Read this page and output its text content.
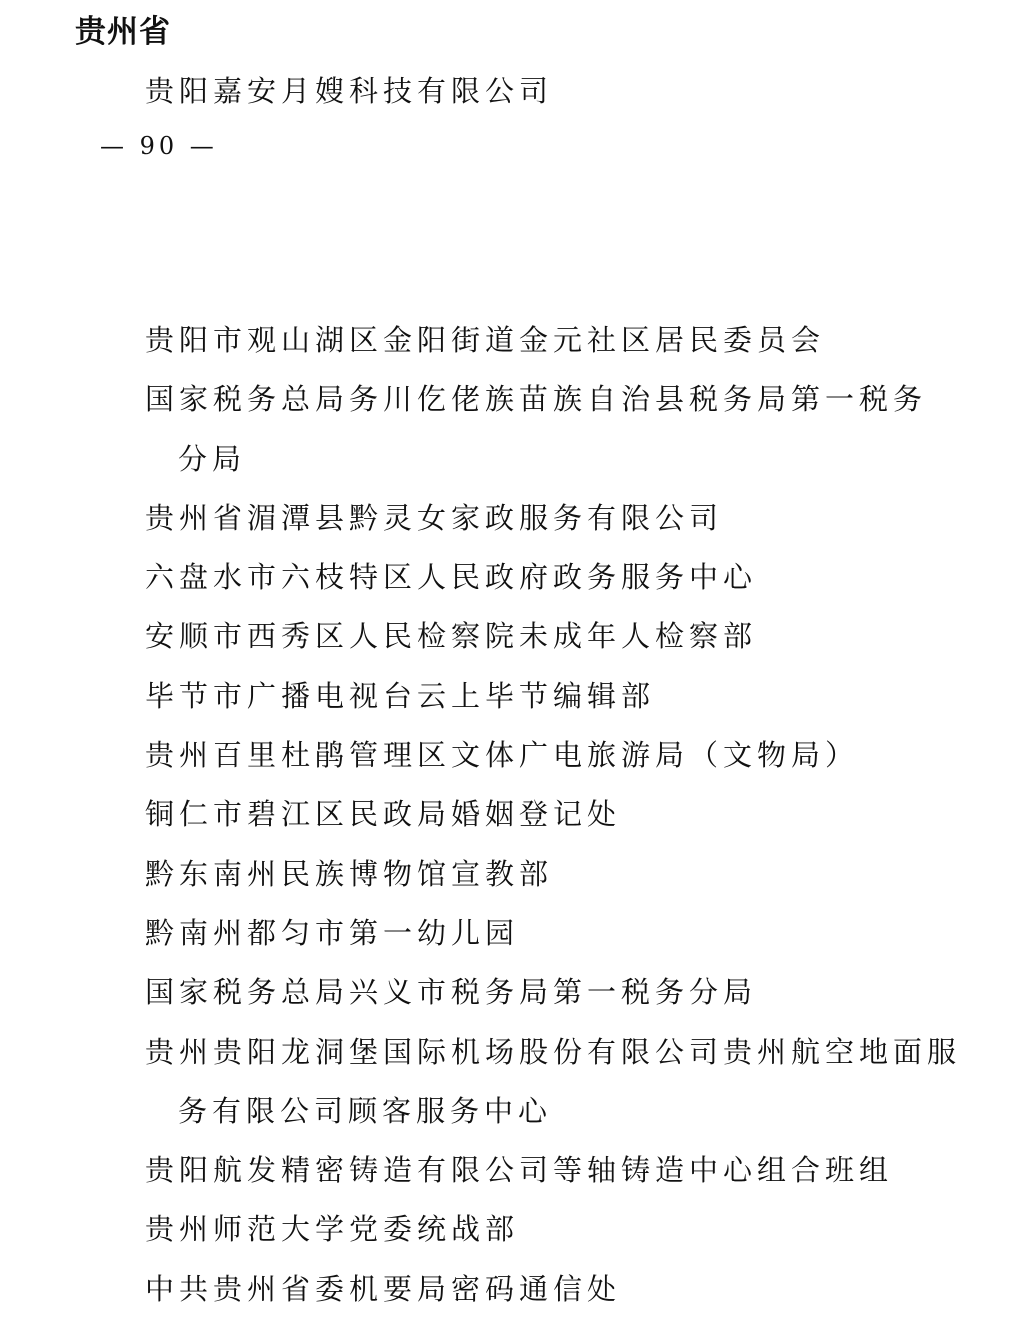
贵州省

贵阳嘉安月嫂科技有限公司

— 90 —

贵阳市观山湖区金阳街道金元社区居民委员会
国家税务总局务川仡佬族苗族自治县税务局第一税务
分局
贵州省湄潭县黔灵女家政服务有限公司
六盘水市六枝特区人民政府政务服务中心
安顺市西秀区人民检察院未成年人检察部
毕节市广播电视台云上毕节编辑部
贵州百里杜鹃管理区文体广电旅游局（文物局）
铜仁市碧江区民政局婚姻登记处
黔东南州民族博物馆宣教部
黔南州都匀市第一幼儿园
国家税务总局兴义市税务局第一税务分局
贵州贵阳龙洞堡国际机场股份有限公司贵州航空地面服
务有限公司顾客服务中心
贵阳航发精密铸造有限公司等轴铸造中心组合班组
贵州师范大学党委统战部
中共贵州省委机要局密码通信处
